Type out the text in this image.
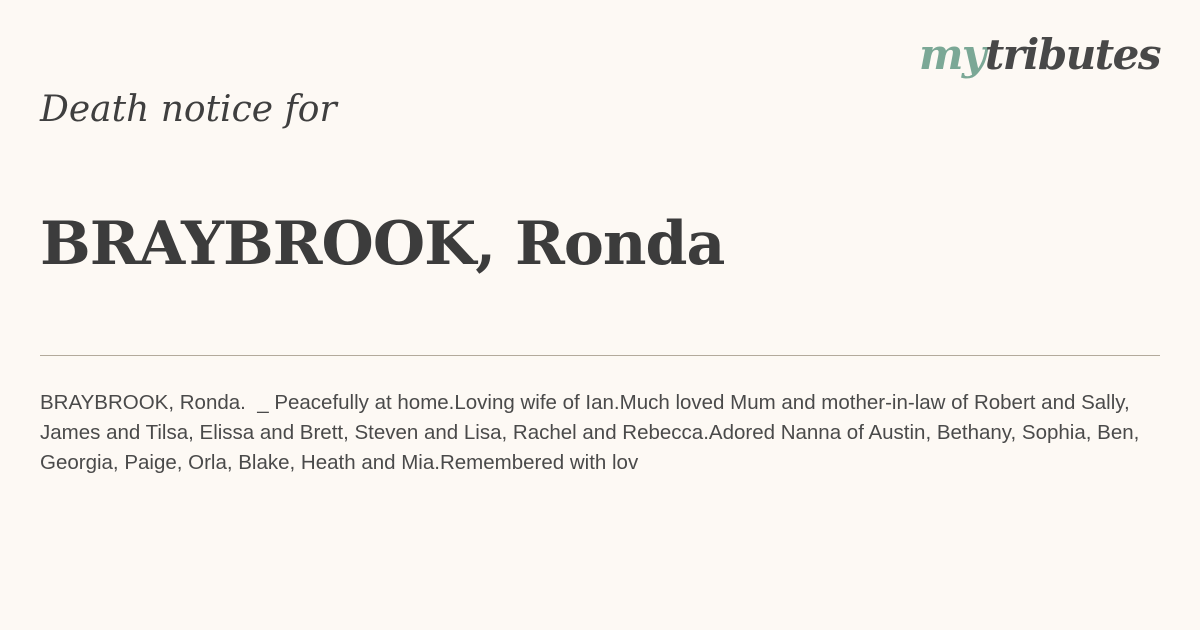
mytributes
Death notice for
BRAYBROOK, Ronda

BRAYBROOK, Ronda.  _ Peacefully at home.Loving wife of Ian.Much loved Mum and mother-in-law of Robert and Sally, James and Tilsa, Elissa and Brett, Steven and Lisa, Rachel and Rebecca.Adored Nanna of Austin, Bethany, Sophia, Ben, Georgia, Paige, Orla, Blake, Heath and Mia.Remembered with lov
